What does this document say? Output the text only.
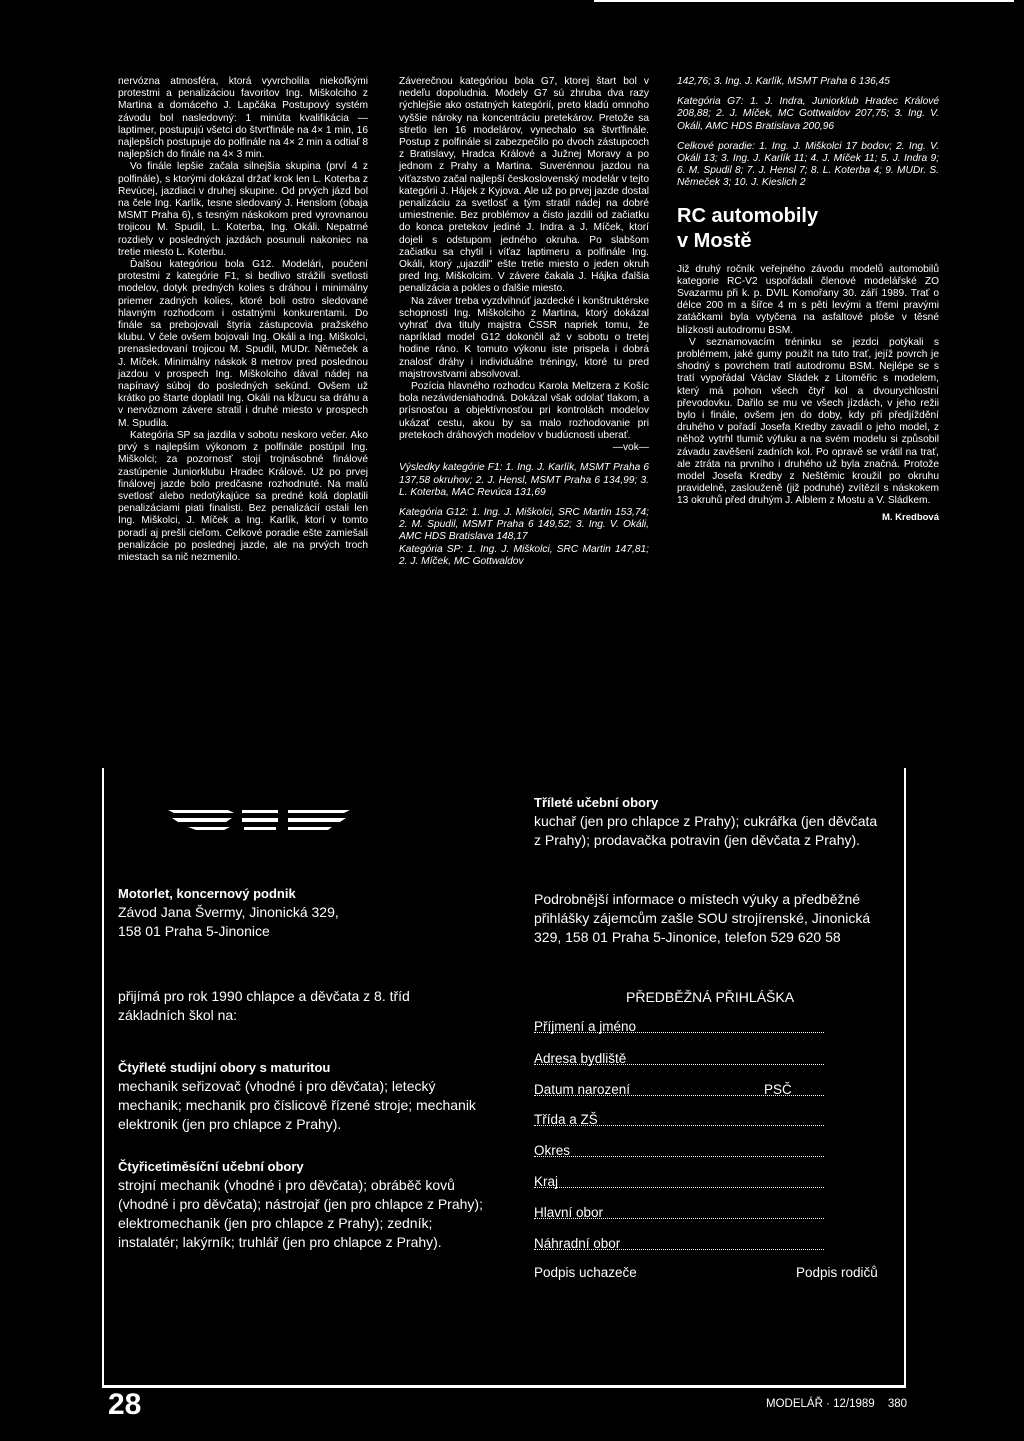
nervózna atmosféra, ktorá vyvrcholila niekoľkými protestmi a penalizáciou favoritov Ing. Miškolciho z Martina a domáceho J. Lapčáka Postupový systém závodu bol nasledovný: 1 minúta kvalifikácia — laptimer, postupujú všetci do štvrťfinále na 4× 1 min, 16 najlepších postupuje do polfinále na 4× 2 min a odtiaľ 8 najlepších do finále na 4× 3 min.

Vo finále lepšie začala silnejšia skupina (prví 4 z polfinále), s ktorými dokázal držať krok len L. Koterba z Revúcej, jazdiaci v druhej skupine. Od prvých jázd bol na čele Ing. Karlík, tesne sledovaný J. Henslom (obaja MSMT Praha 6), s tesným náskokom pred vyrovnanou trojicou M. Spudil, L. Koterba, Ing. Okáli. Nepatrné rozdiely v posledných jazdách posunuli nakoniec na tretie miesto L. Koterbu.

Ďalšou kategóriou bola G12. Modelári, poučení protestmi z kategórie F1, si bedlivo strážili svetlosti modelov, dotyk predných kolies s dráhou i minimálny priemer zadných kolies, ktoré boli ostro sledované hlavným rozhodcom i ostatnými konkurentami. Do finále sa prebojovali štyria zástupcovia pražského klubu. V čele ovšem bojovali Ing. Okáli a Ing. Miškolci, prenasledovaní trojicou M. Spudil, MUDr. Němeček a J. Míček. Minimálny náskok 8 metrov pred poslednou jazdou v prospech Ing. Miškolciho dával nádej na napínavý súboj do posledných sekúnd. Ovšem už krátko po štarte doplatil Ing. Okáli na kĺžucu sa dráhu a v nervóznom závere stratil i druhé miesto v prospech M. Spudila.

Kategória SP sa jazdila v sobotu neskoro večer. Ako prvý s najlepším výkonom z polfinále postúpil Ing. Miškolci; za pozornosť stojí trojnásobné finálové zastúpenie Juniorklubu Hradec Králové. Už po prvej finálovej jazde bolo predčasne rozhodnuté. Na malú svetlosť alebo nedotýkajúce sa predné kolá doplatili penalizáciami piati finalisti. Bez penalizácií ostali len Ing. Miškolci, J. Míček a Ing. Karlík, ktorí v tomto poradí aj prešli cieľom. Celkové poradie ešte zamiešali penalizácie po poslednej jazde, ale na prvých troch miestach sa nič nezmenilo.

Záverečnou kategóriou bola G7, ktorej štart bol v nedeľu dopoludnia. Modely G7 sú zhruba dva razy rýchlejšie ako ostatných kategórií, preto kladú omnoho vyššie nároky na koncentráciu pretekárov. Pretože sa stretlo len 16 modelárov, vynechalo sa štvrťfinále. Postup z polfinále si zabezpečilo po dvoch zástupcoch z Bratislavy, Hradca Králové a Južnej Moravy a po jednom z Prahy a Martina. Suverénnou jazdou na víťazstvo začal najlepší československý modelár v tejto kategórii J. Hájek z Kyjova. Ale už po prvej jazde dostal penalizáciu za svetlosť a tým stratil nádej na dobré umiestnenie. Bez problémov a čisto jazdili od začiatku do konca pretekov jediné J. Indra a J. Míček, ktorí dojeli s odstupom jedného okruha. Po slabšom začiatku sa chytil i víťaz laptimeru a polfinále Ing. Okáli, ktorý „ujazdil" ešte tretie miesto o jeden okruh pred Ing. Miškolcim. V závere čakala J. Hájka ďalšia penalizácia a pokles o ďalšie miesto.

Na záver treba vyzdvihnúť jazdecké i konštruktérske schopnosti Ing. Miškolciho z Martina, ktorý dokázal vyhrať dva tituly majstra ČSSR napriek tomu, že napríklad model G12 dokončil až v sobotu o tretej hodine ráno. K tomuto výkonu iste prispela i dobrá znalosť dráhy i individuálne tréningy, ktoré tu pred majstrovstvami absolvoval.

Pozícia hlavného rozhodcu Karola Meltzera z Košíc bola nezávideniahodná. Dokázal však odolať tlakom, a prísnosťou a objektívnosťou pri kontrolách modelov ukázať cestu, akou by sa malo rozhodovanie pri pretekoch dráhových modelov v budúcnosti uberať.

—vok—

Výsledky kategórie F1: 1. Ing. J. Karlík, MSMT Praha 6 137,58 okruhov; 2. J. Hensl, MSMT Praha 6 134,99; 3. L. Koterba, MAC Revúca 131,69

Kategória G12: 1. Ing. J. Miškolci, SRC Martin 153,74; 2. M. Spudil, MSMT Praha 6 149,52; 3. Ing. V. Okáli, AMC HDS Bratislava 148,17

Kategória SP: 1. Ing. J. Miškolci, SRC Martin 147,81; 2. J. Míček, MC Gottwaldov

142,76; 3. Ing. J. Karlík, MSMT Praha 6 136,45

Kategória G7: 1. J. Indra, Juniorklub Hradec Králové 208,88; 2. J. Míček, MC Gottwaldov 207,75; 3. Ing. V. Okáli, AMC HDS Bratislava 200,96

Celkové poradie: 1. Ing. J. Miškolci 17 bodov; 2. Ing. V. Okáli 13; 3. Ing. J. Karlík 11; 4. J. Míček 11; 5. J. Indra 9; 6. M. Spudil 8; 7. J. Hensl 7; 8. L. Koterba 4; 9. MUDr. S. Němeček 3; 10. J. Kieslich 2

RC automobily
v Mostě

Již druhý ročník veřejného závodu modelů automobilů kategorie RC-V2 uspořádali členové modelářské ZO Svazarmu při k. p. DVIL Komořany 30. září 1989. Trať o délce 200 m a šířce 4 m s pěti levými a třemi pravými zatáčkami byla vytyčena na asfaltové ploše v těsné blízkosti autodromu BSM.

V seznamovacím tréninku se jezdci potýkali s problémem, jaké gumy použít na tuto trať, jejíž povrch je shodný s povrchem tratí autodromu BSM. Nejlépe se s tratí vypořádal Václav Sládek z Litoměřic s modelem, který má pohon všech čtyř kol a dvourychlostní převodovku. Dařilo se mu ve všech jízdách, v jeho režii bylo i finále, ovšem jen do doby, kdy při předjíždění druhého v pořadí Josefa Kredby zavadil o jeho model, z něhož vytrhl tlumič výfuku a na svém modelu si způsobil závadu zavěšení zadních kol. Po opravě se vrátil na trať, ale ztráta na prvního i druhého už byla značná. Protože model Josefa Kredby z Neštěmic kroužil po okruhu pravidelně, zaslouženě (již podruhé) zvítězil s náskokem 13 okruhů před druhým J. Alblem z Mostu a V. Sládkem.

M. Kredbová

Motorlet, koncernový podnik
Závod Jana Švermy, Jinonická 329,
158 01 Praha 5-Jinonice
přijímá pro rok 1990 chlapce a děvčata z 8. tříd základních škol na:
Čtyřleté studijní obory s maturitou
mechanik seřizovač (vhodné i pro děvčata); letecký mechanik; mechanik pro číslicově řízené stroje; mechanik elektronik (jen pro chlapce z Prahy).
Čtyřicetiměsíční učební obory
strojní mechanik (vhodné i pro děvčata); obráběč kovů (vhodné i pro děvčata); nástrojař (jen pro chlapce z Prahy); elektromechanik (jen pro chlapce z Prahy); zedník; instalatér; lakýrník; truhlář (jen pro chlapce z Prahy).
Tříleté učební obory
kuchař (jen pro chlapce z Prahy); cukrářka (jen děvčata z Prahy); prodavačka potravin (jen děvčata z Prahy).
Podrobnější informace o místech výuky a předběžné přihlášky zájemcům zašle SOU strojírenské, Jinonická 329, 158 01 Praha 5-Jinonice, telefon 529 620 58
PŘEDBĚŽNÁ PŘIHLÁŠKA
Příjmení a jméno
Adresa bydliště
Datum narození	PSČ
Třída a ZŠ
Okres
Kraj
Hlavní obor
Náhradní obor
Podpis uchazeče	Podpis rodičů
28	MODELÁŘ · 12/1989 380
